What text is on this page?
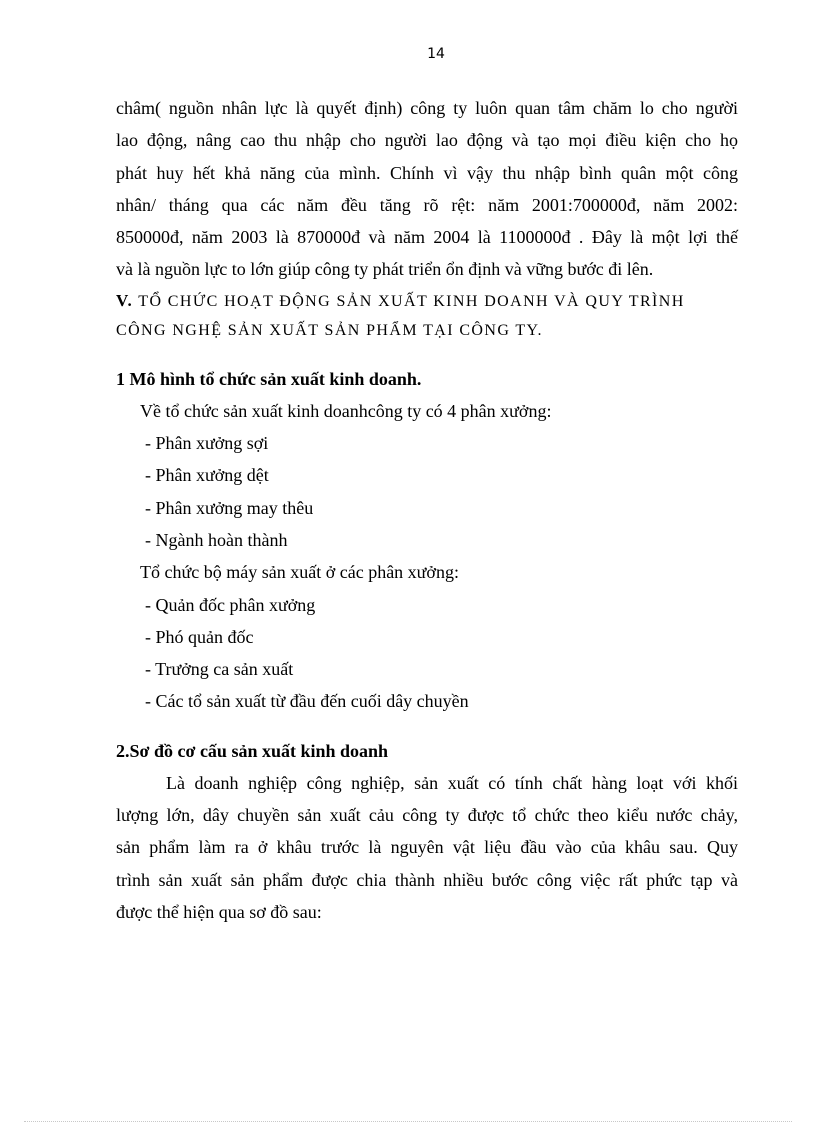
14

châm( nguồn nhân lực là quyết định) công ty luôn quan tâm chăm lo cho người
lao động, nâng cao thu nhập cho người lao động và tạo mọi điều kiện cho họ
phát huy hết khả năng của mình. Chính vì vậy thu nhập bình quân một công
nhân/ tháng qua các năm đều tăng rõ rệt: năm 2001:700000đ, năm 2002:
850000đ, năm 2003 là 870000đ và năm 2004 là 1100000đ . Đây là một lợi thế
và là nguồn lực to lớn giúp công ty phát triển ổn định và vững bước đi lên.

V. TỔ CHỨC HOẠT ĐỘNG SẢN XUẤT KINH DOANH VÀ QUY TRÌNH

CÔNG NGHỆ SẢN XUẤT SẢN PHẨM TẠI CÔNG TY.

1 Mô hình tổ chức sản xuất kinh doanh.

Về tổ chức sản xuất kinh doanhcông ty có 4 phân xưởng:

- Phân xưởng sợi
- Phân xưởng dệt
- Phân xưởng may thêu
- Ngành hoàn thành

Tổ chức bộ máy sản xuất ở các phân xưởng:

- Quản đốc phân xưởng
- Phó quản đốc
- Trưởng ca sản xuất
- Các tổ sản xuất từ đầu đến cuối dây chuyền

2.Sơ đồ cơ cấu sản xuất kinh doanh

Là doanh nghiệp công nghiệp, sản xuất có tính chất hàng loạt với khối
lượng lớn, dây chuyền sản xuất cảu công ty được tổ chức theo kiểu nước chảy,
sản phẩm làm ra ở khâu trước là nguyên vật liệu đầu vào của khâu sau. Quy
trình sản xuất sản phẩm được chia thành nhiều bước công việc rất phức tạp và
được thể hiện qua sơ đồ sau:
